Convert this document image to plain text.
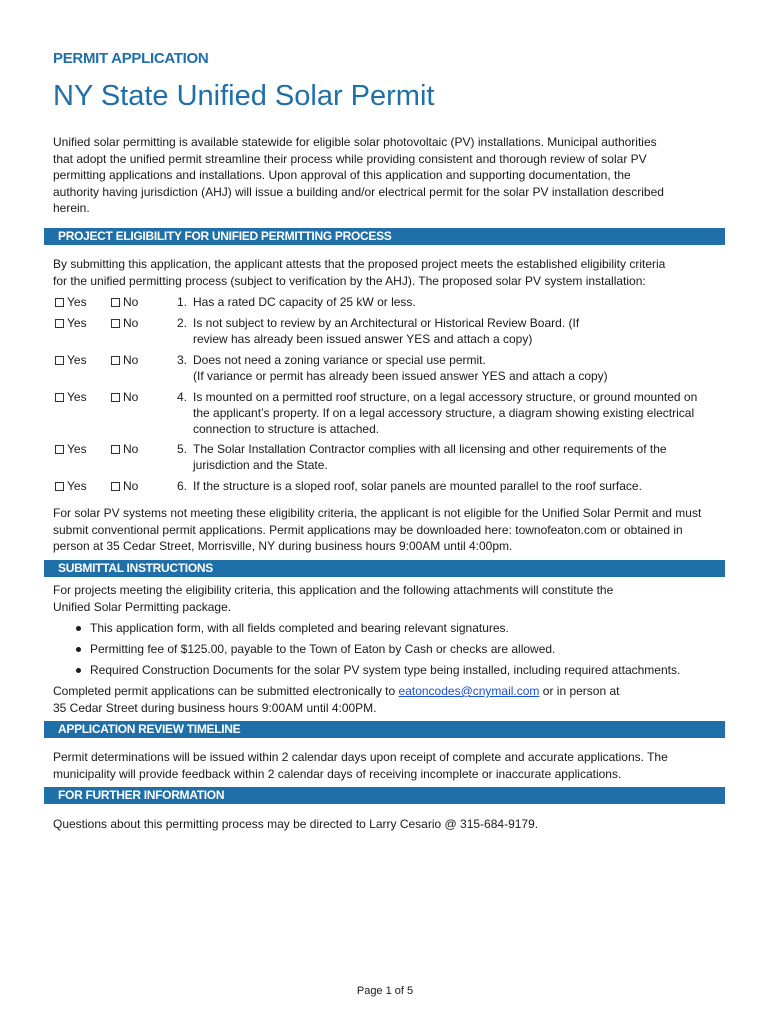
PERMIT APPLICATION
NY State Unified Solar Permit
Unified solar permitting is available statewide for eligible solar photovoltaic (PV) installations. Municipal authorities
that adopt the unified permit streamline their process while providing consistent and thorough review of solar PV
permitting applications and installations. Upon approval of this application and supporting documentation, the
authority having jurisdiction (AHJ) will issue a building and/or electrical permit for the solar PV installation described
herein.
PROJECT ELIGIBILITY FOR UNIFIED PERMITTING PROCESS
By submitting this application, the applicant attests that the proposed project meets the established eligibility criteria
for the unified permitting process (subject to verification by the AHJ). The proposed solar PV system installation:
Yes	No	1. Has a rated DC capacity of 25 kW or less.
Yes	No	2. Is not subject to review by an Architectural or Historical Review Board. (If
review has already been issued answer YES and attach a copy)
Yes	No	3. Does not need a zoning variance or special use permit.
(If variance or permit has already been issued answer YES and attach a copy)
Yes	No	4. Is mounted on a permitted roof structure, on a legal accessory structure, or ground mounted on
the applicant’s property. If on a legal accessory structure, a diagram showing existing electrical
connection to structure is attached.
Yes	No	5. The Solar Installation Contractor complies with all licensing and other requirements of the
jurisdiction and the State.
Yes	No	6. If the structure is a sloped roof, solar panels are mounted parallel to the roof surface.
For solar PV systems not meeting these eligibility criteria, the applicant is not eligible for the Unified Solar Permit and must
submit conventional permit applications. Permit applications may be downloaded here: townofeaton.com or obtained in
person at 35 Cedar Street, Morrisville, NY during business hours 9:00AM until 4:00pm.
SUBMITTAL INSTRUCTIONS
For projects meeting the eligibility criteria, this application and the following attachments will constitute the
Unified Solar Permitting package.
This application form, with all fields completed and bearing relevant signatures.
Permitting fee of $125.00, payable to the Town of Eaton by Cash or checks are allowed.
Required Construction Documents for the solar PV system type being installed, including required attachments.
Completed permit applications can be submitted electronically to eatoncodes@cnymail.com or in person at
35 Cedar Street during business hours 9:00AM until 4:00PM.
APPLICATION REVIEW TIMELINE
Permit determinations will be issued within 2 calendar days upon receipt of complete and accurate applications. The
municipality will provide feedback within 2 calendar days of receiving incomplete or inaccurate applications.
FOR FURTHER INFORMATION
Questions about this permitting process may be directed to Larry Cesario @ 315-684-9179.
Page 1 of 5
